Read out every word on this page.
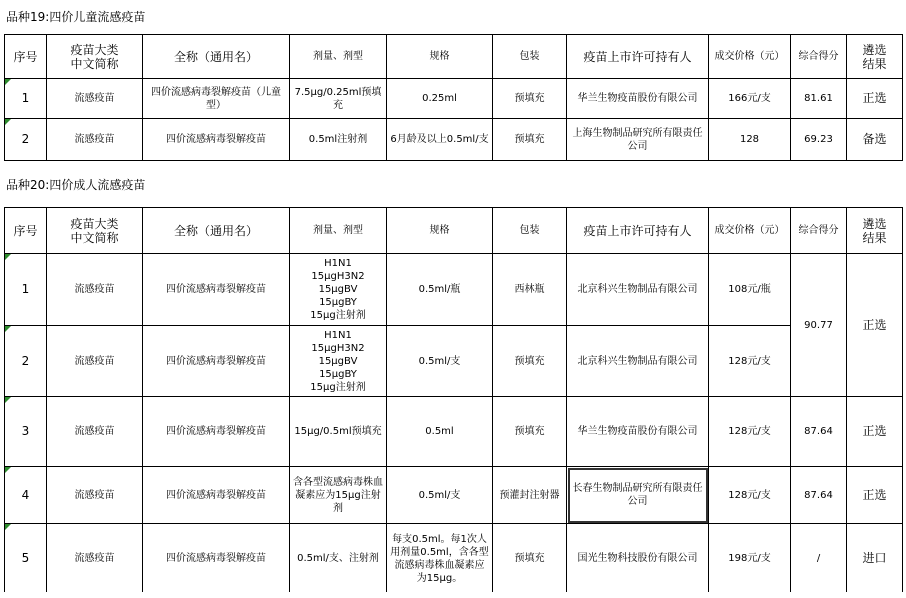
品种19:四价儿童流感疫苗
序号	疫苗大类
中文简称	全称（通用名）	剂量、剂型	规格	包装	疫苗上市许可持有人	成交价格（元）	综合得分	遴选
结果
1	流感疫苗	四价流感病毒裂解疫苗（儿童型）	7.5μg/0.25ml预填充	0.25ml	预填充	华兰生物疫苗股份有限公司	166元/支	81.61	正选
2	流感疫苗	四价流感病毒裂解疫苗	0.5ml注射剂	6月龄及以上0.5ml/支	预填充	上海生物制品研究所有限责任公司	128	69.23	备选
品种20:四价成人流感疫苗
序号	疫苗大类
中文简称	全称（通用名）	剂量、剂型	规格	包装	疫苗上市许可持有人	成交价格（元）	综合得分	遴选
结果
1	流感疫苗	四价流感病毒裂解疫苗	H1N1　15μgH3N2　15μgBV
15μgBY
15μg注射剂	0.5ml/瓶	西林瓶	北京科兴生物制品有限公司	108元/瓶	90.77	正选
2	流感疫苗	四价流感病毒裂解疫苗	H1N1　15μgH3N2　15μgBV
15μgBY
15μg注射剂	0.5ml/支	预填充	北京科兴生物制品有限公司	128元/支		
3	流感疫苗	四价流感病毒裂解疫苗	15μg/0.5ml预填充	0.5ml	预填充	华兰生物疫苗股份有限公司	128元/支	87.64	正选
4	流感疫苗	四价流感病毒裂解疫苗	含各型流感病毒株血凝素应为15μg注射剂	0.5ml/支	预灌封注射器	长春生物制品研究所有限责任公司	128元/支	87.64	正选
5	流感疫苗	四价流感病毒裂解疫苗	0.5ml/支、注射剂	每支0.5ml。每1次人用剂量0.5ml，含各型流感病毒株血凝素应为15μg。	预填充	国光生物科技股份有限公司	198元/支	/	进口
